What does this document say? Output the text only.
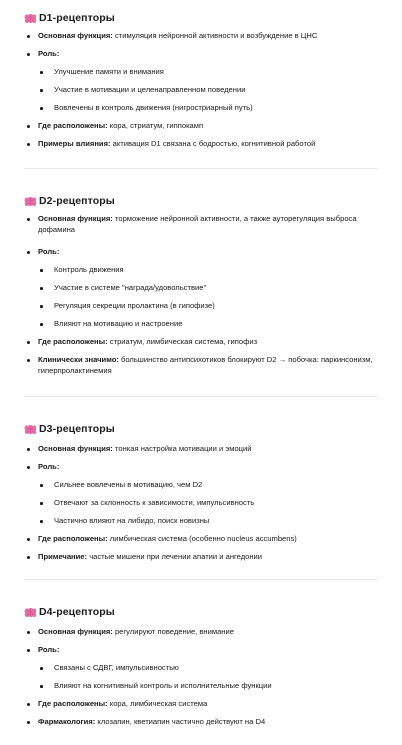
D1-рецепторы
Основная функция: стимуляция нейронной активности и возбуждение в ЦНС
Роль:
Улучшение памяти и внимания
Участие в мотивации и целенаправленном поведении
Вовлечены в контроль движения (нигростриарный путь)
Где расположены: кора, стриатум, гиппокамп
Примеры влияния: активация D1 связана с бодростью, когнитивной работой
D2-рецепторы
Основная функция: торможение нейронной активности, а также ауторегуляция выброса дофамина
Роль:
Контроль движения
Участие в системе "награда/удовольствие"
Регуляция секреции пролактина (в гипофизе)
Влияют на мотивацию и настроение
Где расположены: стриатум, лимбическая система, гипофиз
Клинически значимо: большинство антипсихотиков блокируют D2 → побочка: паркинсонизм, гиперпролактинемия
D3-рецепторы
Основная функция: тонкая настройка мотивации и эмоций
Роль:
Сильнее вовлечены в мотивацию, чем D2
Отвечают за склонность к зависимости, импульсивность
Частично влияют на либидо, поиск новизны
Где расположены: лимбическая система (особенно nucleus accumbens)
Примечание: частые мишени при лечении апатии и ангедонии
D4-рецепторы
Основная функция: регулируют поведение, внимание
Роль:
Связаны с СДВГ, импульсивностью
Влияют на когнитивный контроль и исполнительные функции
Где расположены: кора, лимбическая система
Фармакология: клозапин, кветиапин частично действуют на D4
